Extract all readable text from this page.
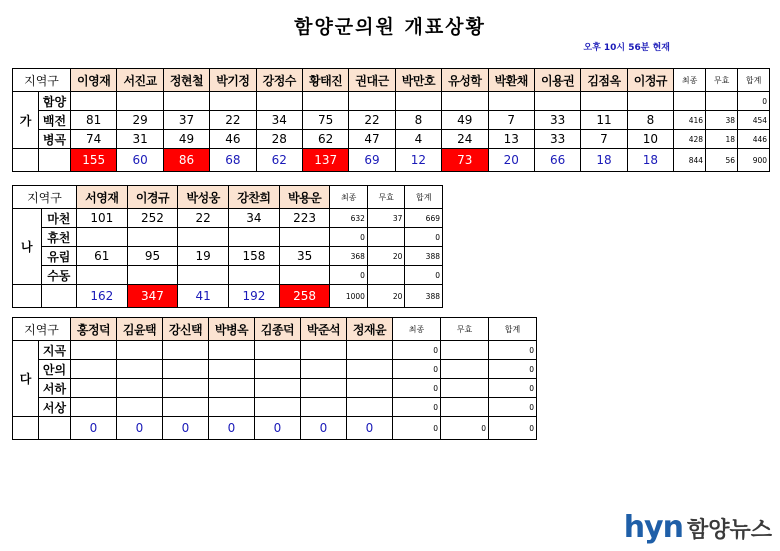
함양군의원 개표상황
오후 10시 56분 현재
지역구		이영재	서진교	정현철	박기정	강정수	황태진	권대근	박만호	유성학	박환채	이용권	김점옥	이정규	최종	무효	합계
가	함양																0
	백전	81	29	37	22	34	75	22	8	49	7	33	11	8	416	38	454
	병곡	74	31	49	46	28	62	47	4	24	13	33	7	10	428	18	446
		155	60	86	68	62	137	69	12	73	20	66	18	18	844	56	900
지역구		서영재	이경규	박성웅	강찬희	박용운	최종	무효	합계
나	마천	101	252	22	34	223	632	37	669
	휴천						0		0
	유림	61	95	19	158	35	368	20	388
	수동						0		0
		162	347	41	192	258	1000	20	388
지역구		홍정덕	김윤택	강신택	박병옥	김종덕	박준석	정재윤	최종	무효	합계
다	지곡								0		0
	안의								0		0
	서하								0		0
	서상								0		0
		0	0	0	0	0	0	0	0	0	0
hyn 함양뉴스
